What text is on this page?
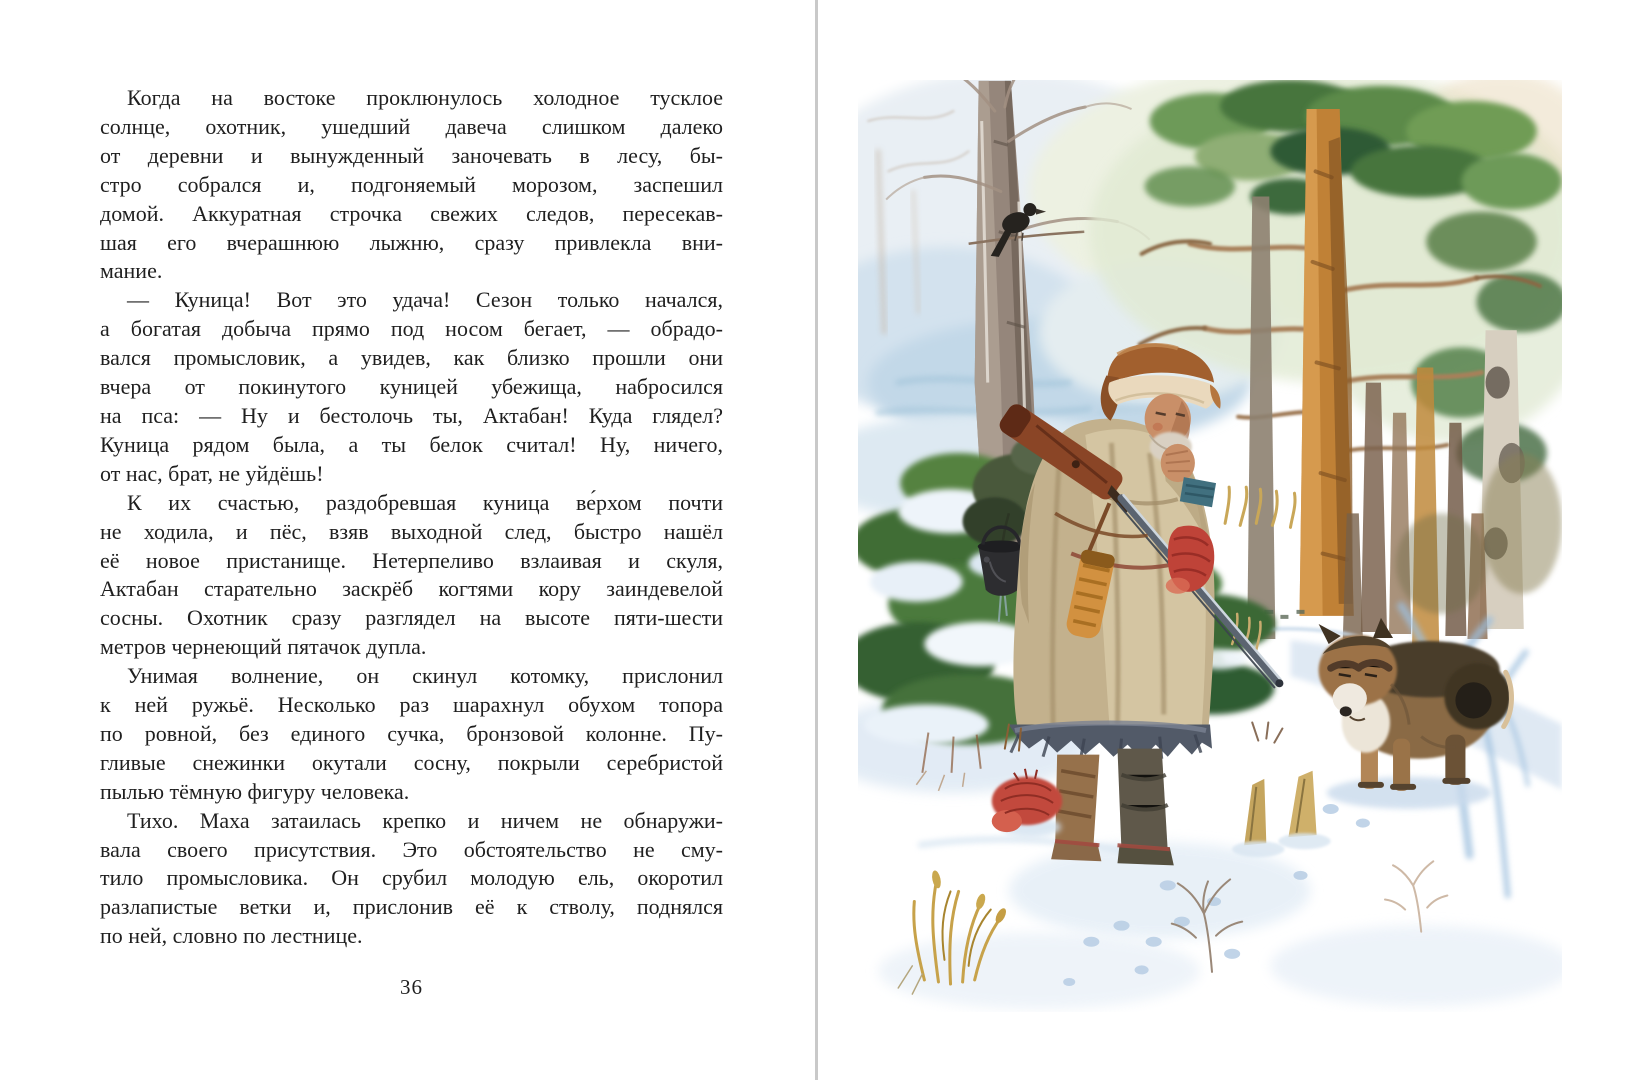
Когда на востоке проклюнулось холодное тусклое
солнце, охотник, ушедший давеча слишком далеко
от деревни и вынужденный заночевать в лесу, бы-
стро собрался и, подгоняемый морозом, заспешил
домой. Аккуратная строчка свежих следов, пересекав-
шая его вчерашнюю лыжню, сразу привлекла вни-
мание.

— Куница! Вот это удача! Сезон только начался,
а богатая добыча прямо под носом бегает, — обрадо-
вался промысловик, а увидев, как близко прошли они
вчера от покинутого куницей убежища, набросился
на пса: — Ну и бестолочь ты, Актабан! Куда глядел?
Куница рядом была, а ты белок считал! Ну, ничего,
от нас, брат, не уйдёшь!

К их счастью, раздобревшая куница ве́рхом почти
не ходила, и пёс, взяв выходной след, быстро нашёл
её новое пристанище. Нетерпеливо взлаивая и скуля,
Актабан старательно заскрёб когтями кору заиндевелой
сосны. Охотник сразу разглядел на высоте пяти-шести
метров чернеющий пятачок дупла.

Унимая волнение, он скинул котомку, прислонил
к ней ружьё. Несколько раз шарахнул обухом топора
по ровной, без единого сучка, бронзовой колонне. Пу-
гливые снежинки окутали сосну, покрыли серебристой
пылью тёмную фигуру человека.

Тихо. Маха затаилась крепко и ничем не обнаружи-
вала своего присутствия. Это обстоятельство не сму-
тило промысловика. Он срубил молодую ель, окоротил
разлапистые ветки и, прислонив её к стволу, поднялся
по ней, словно по лестнице.

36
